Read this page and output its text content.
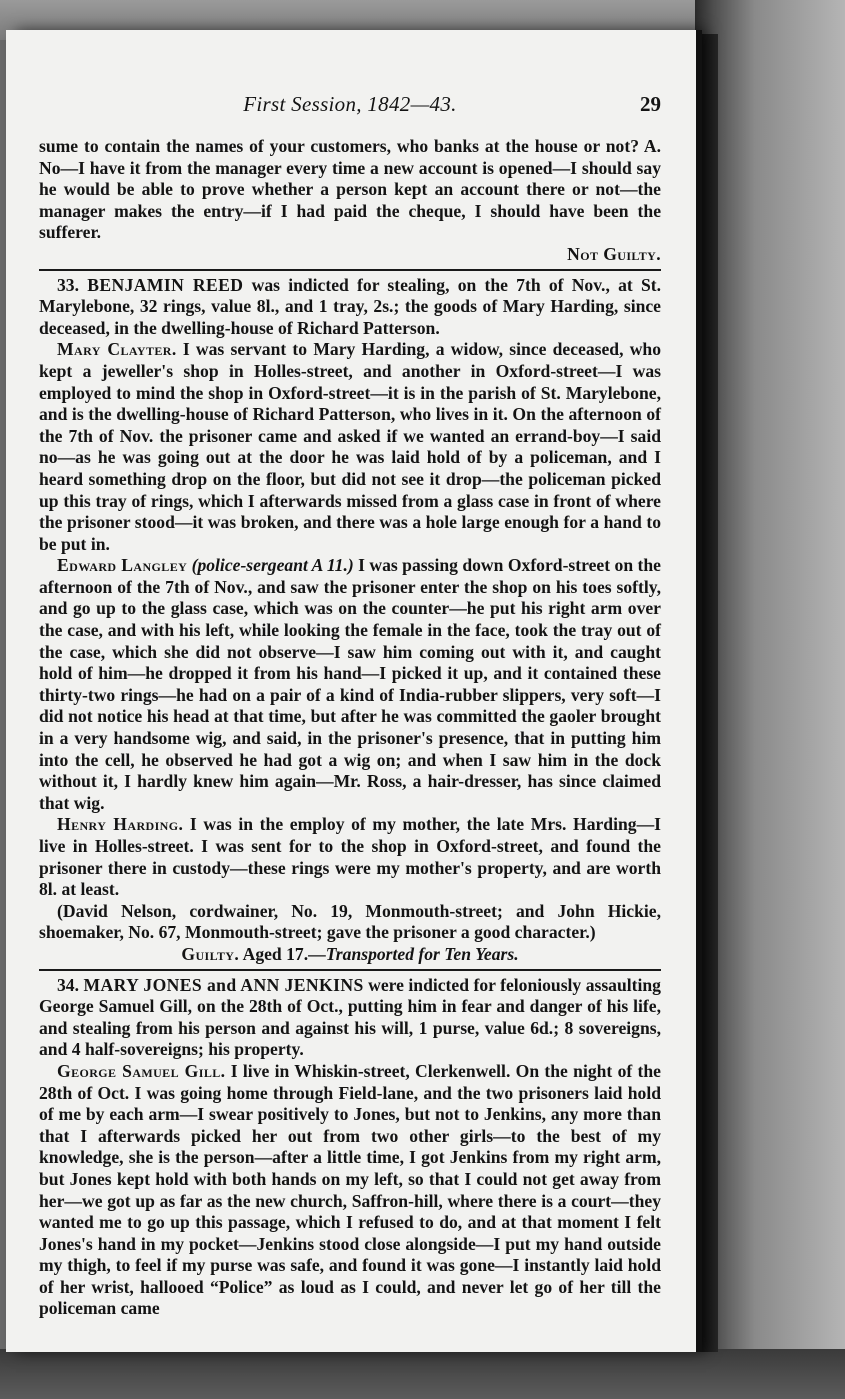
First Session, 1842—43.	29

sume to contain the names of your customers, who banks at the house or not? A. No—I have it from the manager every time a new account is opened—I should say he would be able to prove whether a person kept an account there or not—the manager makes the entry—if I had paid the cheque, I should have been the sufferer.

Not Guilty.

33. BENJAMIN REED was indicted for stealing, on the 7th of Nov., at St. Marylebone, 32 rings, value 8l., and 1 tray, 2s.; the goods of Mary Harding, since deceased, in the dwelling-house of Richard Patterson.

Mary Clayter. I was servant to Mary Harding, a widow, since deceased, who kept a jeweller's shop in Holles-street, and another in Oxford-street—I was employed to mind the shop in Oxford-street—it is in the parish of St. Marylebone, and is the dwelling-house of Richard Patterson, who lives in it. On the afternoon of the 7th of Nov. the prisoner came and asked if we wanted an errand-boy—I said no—as he was going out at the door he was laid hold of by a policeman, and I heard something drop on the floor, but did not see it drop—the policeman picked up this tray of rings, which I afterwards missed from a glass case in front of where the prisoner stood—it was broken, and there was a hole large enough for a hand to be put in.

Edward Langley (police-sergeant A 11.) I was passing down Oxford-street on the afternoon of the 7th of Nov., and saw the prisoner enter the shop on his toes softly, and go up to the glass case, which was on the counter—he put his right arm over the case, and with his left, while looking the female in the face, took the tray out of the case, which she did not observe—I saw him coming out with it, and caught hold of him—he dropped it from his hand—I picked it up, and it contained these thirty-two rings—he had on a pair of a kind of India-rubber slippers, very soft—I did not notice his head at that time, but after he was committed the gaoler brought in a very handsome wig, and said, in the prisoner's presence, that in putting him into the cell, he observed he had got a wig on; and when I saw him in the dock without it, I hardly knew him again—Mr. Ross, a hair-dresser, has since claimed that wig.

Henry Harding. I was in the employ of my mother, the late Mrs. Harding—I live in Holles-street. I was sent for to the shop in Oxford-street, and found the prisoner there in custody—these rings were my mother's property, and are worth 8l. at least.

(David Nelson, cordwainer, No. 19, Monmouth-street; and John Hickie, shoemaker, No. 67, Monmouth-street; gave the prisoner a good character.)

Guilty. Aged 17.—Transported for Ten Years.

34. MARY JONES and ANN JENKINS were indicted for feloniously assaulting George Samuel Gill, on the 28th of Oct., putting him in fear and danger of his life, and stealing from his person and against his will, 1 purse, value 6d.; 8 sovereigns, and 4 half-sovereigns; his property.

George Samuel Gill. I live in Whiskin-street, Clerkenwell. On the night of the 28th of Oct. I was going home through Field-lane, and the two prisoners laid hold of me by each arm—I swear positively to Jones, but not to Jenkins, any more than that I afterwards picked her out from two other girls—to the best of my knowledge, she is the person—after a little time, I got Jenkins from my right arm, but Jones kept hold with both hands on my left, so that I could not get away from her—we got up as far as the new church, Saffron-hill, where there is a court—they wanted me to go up this passage, which I refused to do, and at that moment I felt Jones's hand in my pocket—Jenkins stood close alongside—I put my hand outside my thigh, to feel if my purse was safe, and found it was gone—I instantly laid hold of her wrist, hallooed “Police” as loud as I could, and never let go of her till the policeman came
